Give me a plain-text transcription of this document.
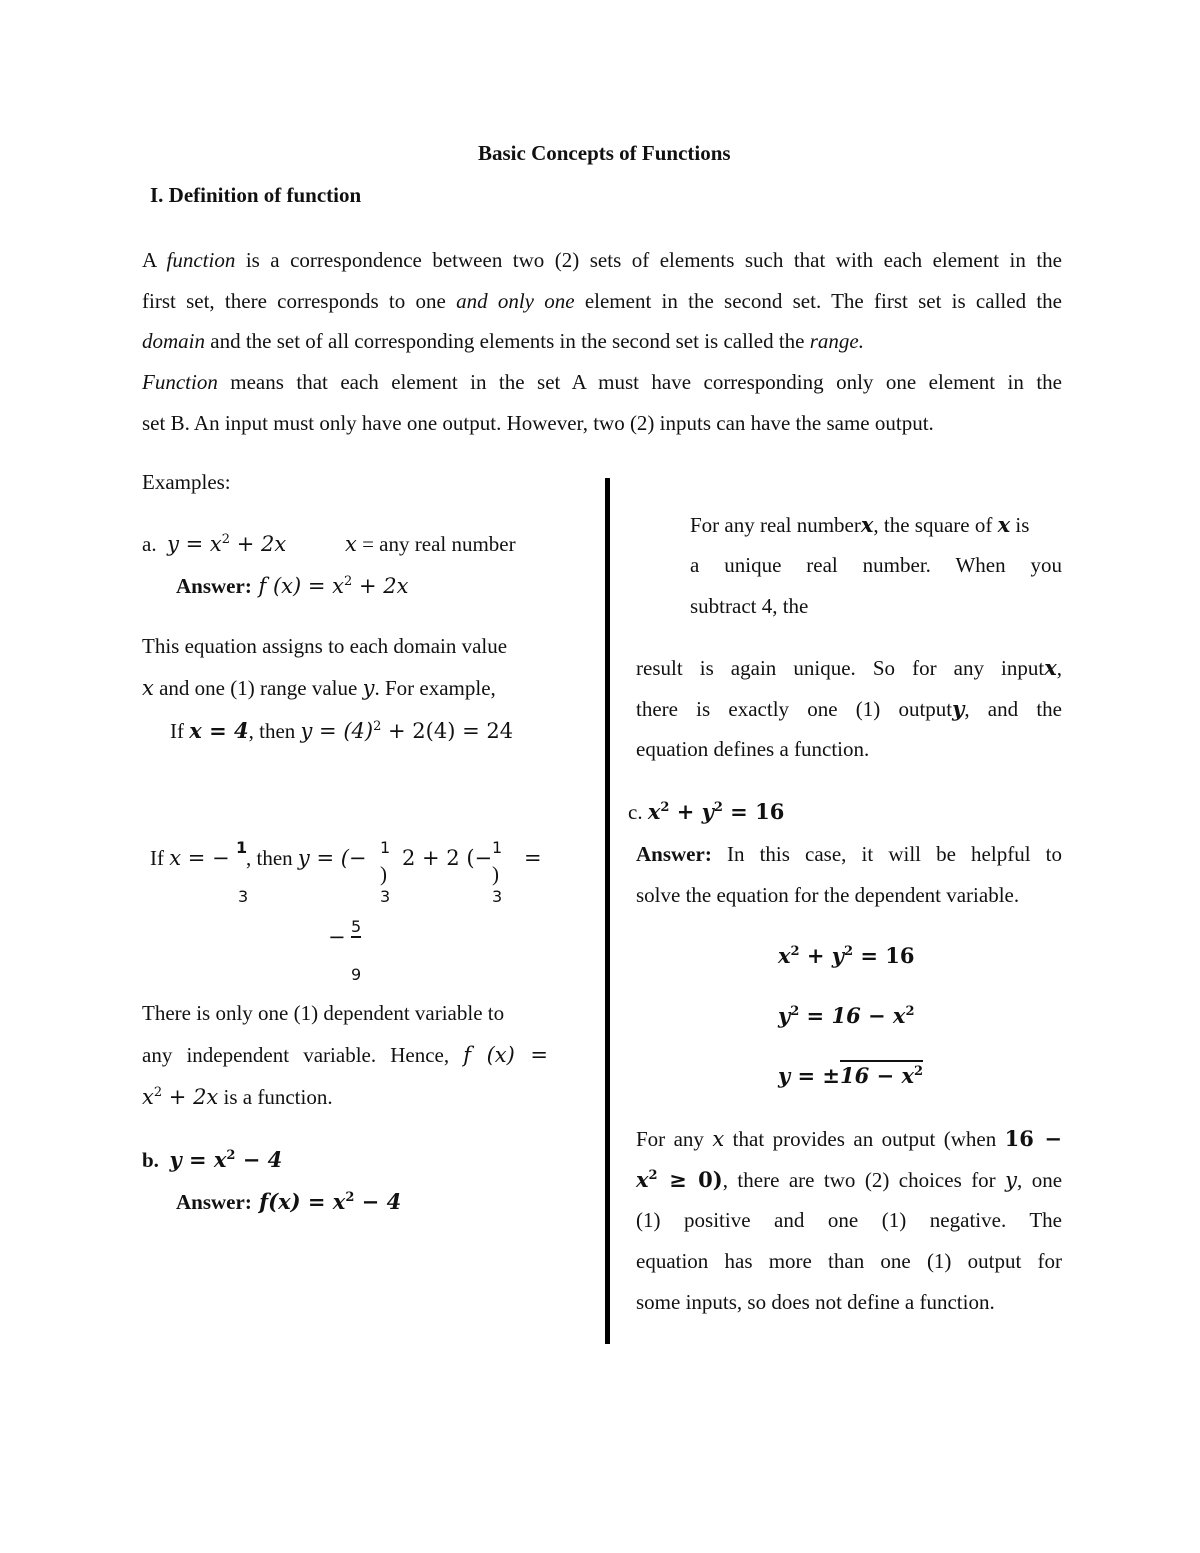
Basic Concepts of Functions
I. Definition of function
A function is a correspondence between two (2) sets of elements such that with each element in the
first set, there corresponds to one and only one element in the second set. The first set is called the
domain and the set of all corresponding elements in the second set is called the range.
Function means that each element in the set A must have corresponding only one element in the
set B. An input must only have one output. However, two (2) inputs can have the same output.
Examples:
a. $y = x^2 + 2x$	x = any real number
Answer: f $(x) = x^2 + 2x$
This equation assigns to each domain value
x and one (1) range value y. For example,
If x = 4, then $y = (4)^2 + 2(4) = 24$
If x = − 1
3
, then y = (− 1
)
3
2 + 2 (− 1
)
3
=
− 5
9
There is only one (1) dependent variable to
any independent variable. Hence, f (x) =
$x^2 + 2x$ is a function.
b. $y = x^2 - 4$
Answer: $f(x) = x^2 - 4$
For any real numberx, the square of x is
a unique real number. When you
subtract 4, the
result is again unique. So for any inputx,
there is exactly one (1) outputy, and the
equation defines a function.
c. $x^2 + y^2 = 16$
Answer: In this case, it will be helpful to
solve the equation for the dependent variable.
$x^2 + y^2 = 16$
$y^2 = 16 - x^2$
$y = \pm 16 - x^2$
For any x that provides an output (when 16 −
$x^2 \ge 0$), there are two (2) choices for y, one
(1) positive and one (1) negative. The
equation has more than one (1) output for
some inputs, so does not define a function.
